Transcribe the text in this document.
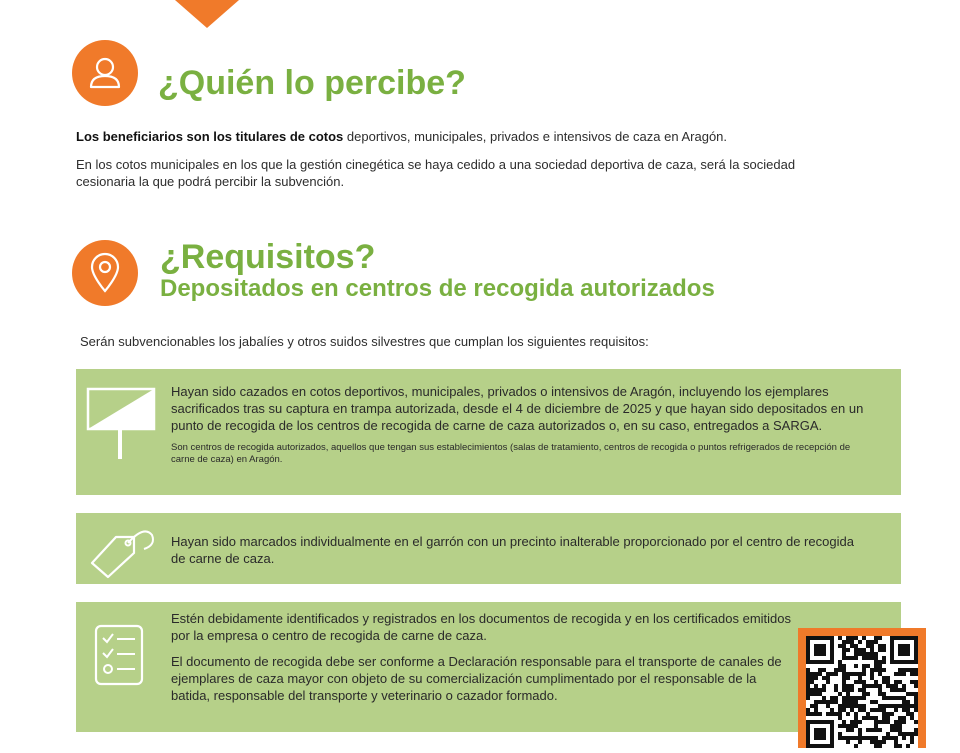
¿Quién lo percibe?

Los beneficiarios son los titulares de cotos deportivos, municipales, privados e intensivos de caza en Aragón.

En los cotos municipales en los que la gestión cinegética se haya cedido a una sociedad deportiva de caza, será la sociedad cesionaria la que podrá percibir la subvención.

¿Requisitos?
Depositados en centros de recogida autorizados

Serán subvencionables los jabalíes y otros suidos silvestres que cumplan los siguientes requisitos:

Hayan sido cazados en cotos deportivos, municipales, privados o intensivos de Aragón, incluyendo los ejemplares sacrificados tras su captura en trampa autorizada, desde el 4 de diciembre de 2025 y que hayan sido depositados en un punto de recogida de los centros de recogida de carne de caza autorizados o, en su caso, entregados a SARGA.

Son centros de recogida autorizados, aquellos que tengan sus establecimientos (salas de tratamiento, centros de recogida o puntos refrigerados de recepción de carne de caza) en Aragón.

Hayan sido marcados individualmente en el garrón con un precinto inalterable proporcionado por el centro de recogida de carne de caza.

Estén debidamente identificados y registrados en los documentos de recogida y en los certificados emitidos por la empresa o centro de recogida de carne de caza.

El documento de recogida debe ser conforme a Declaración responsable para el transporte de canales de ejemplares de caza mayor con objeto de su comercialización cumplimentado por el responsable de la batida, responsable del transporte y veterinario o cazador formado.
